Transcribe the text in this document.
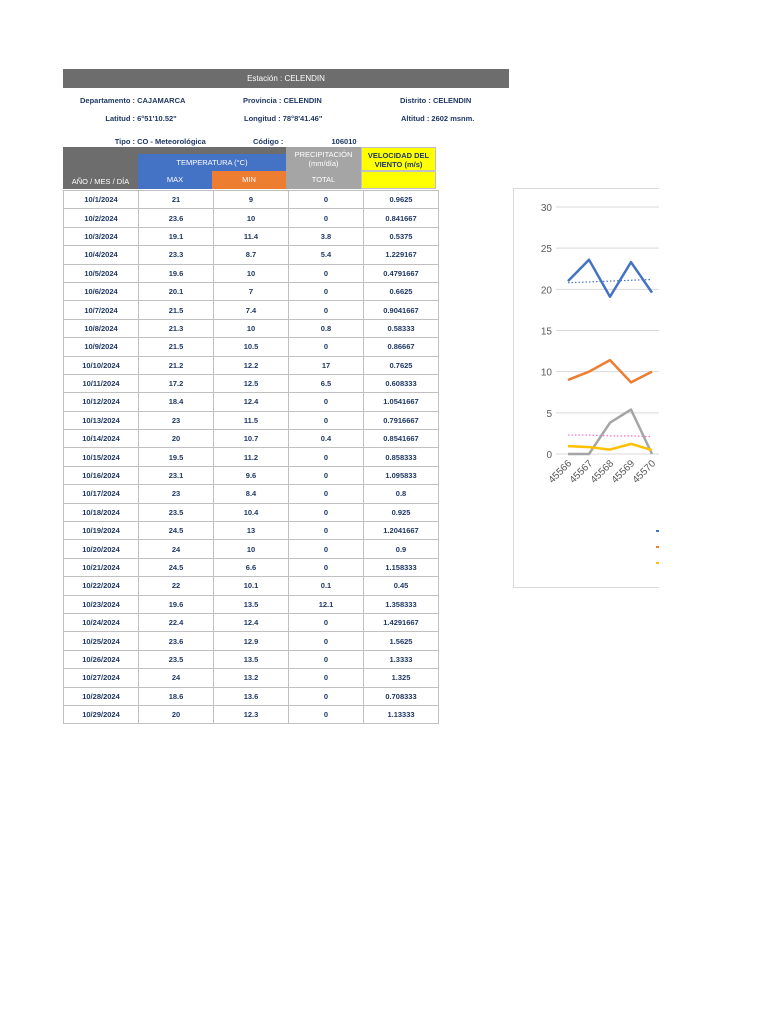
Estación : CELENDIN
Departamento : CAJAMARCA	Provincia : CELENDIN	Distrito : CELENDIN
Latitud : 6°51'10.52"	Longitud : 78°8'41.46"	Altitud : 2602 msnm.
Tipo : CO - Meteorológica	Código :	106010
AÑO / MES / DÍA
TEMPERATURA (°C)
MAX	MIN
PRECIPITACIÓN
(mm/día)
TOTAL
VELOCIDAD DEL
VIENTO (m/s)
10/1/2024	21	9	0	0.9625
10/2/2024	23.6	10	0	0.841667
10/3/2024	19.1	11.4	3.8	0.5375
10/4/2024	23.3	8.7	5.4	1.229167
10/5/2024	19.6	10	0	0.4791667
10/6/2024	20.1	7	0	0.6625
10/7/2024	21.5	7.4	0	0.9041667
10/8/2024	21.3	10	0.8	0.58333
10/9/2024	21.5	10.5	0	0.86667
10/10/2024	21.2	12.2	17	0.7625
10/11/2024	17.2	12.5	6.5	0.608333
10/12/2024	18.4	12.4	0	1.0541667
10/13/2024	23	11.5	0	0.7916667
10/14/2024	20	10.7	0.4	0.8541667
10/15/2024	19.5	11.2	0	0.858333
10/16/2024	23.1	9.6	0	1.095833
10/17/2024	23	8.4	0	0.8
10/18/2024	23.5	10.4	0	0.925
10/19/2024	24.5	13	0	1.2041667
10/20/2024	24	10	0	0.9
10/21/2024	24.5	6.6	0	1.158333
10/22/2024	22	10.1	0.1	0.45
10/23/2024	19.6	13.5	12.1	1.358333
10/24/2024	22.4	12.4	0	1.4291667
10/25/2024	23.6	12.9	0	1.5625
10/26/2024	23.5	13.5	0	1.3333
10/27/2024	24	13.2	0	1.325
10/28/2024	18.6	13.6	0	0.708333
10/29/2024	20	12.3	0	1.13333
0
5
10
15
20
25
30
45566
45567
45568
45569
45570
